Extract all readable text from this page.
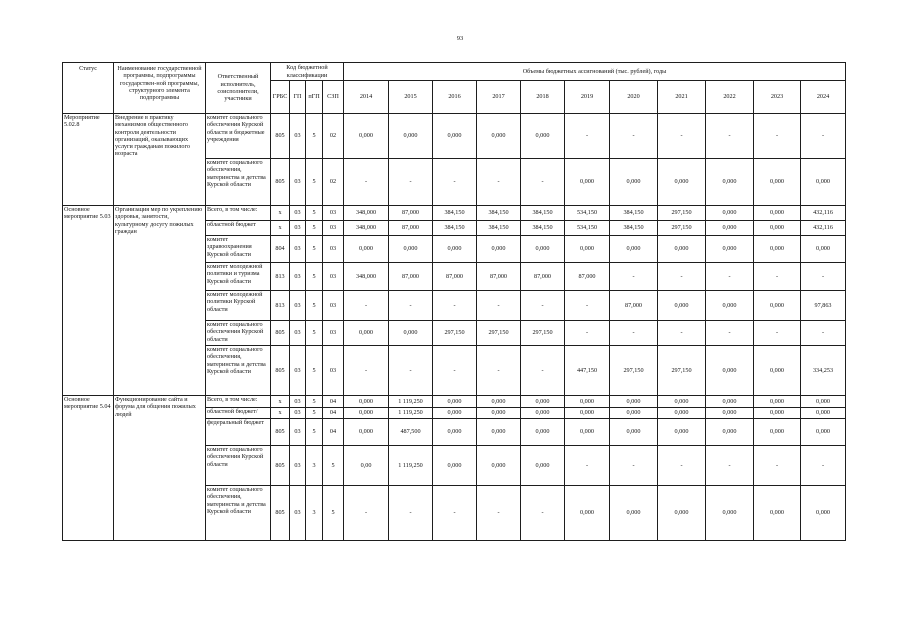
93
Статус	Наименование государственной программы, подпрограммы государствен-ной программы, структурного элемента подпрограммы	Ответственный исполнитель, соисполнители, участники	Код бюджетной классификации				Объемы бюджетных ассигнований (тыс. рублей), годы										
			ГРБС	ГП	пГП	СЗП	2014	2015	2016	2017	2018	2019	2020	2021	2022	2023	2024
Мероприятие 5.02.8	Внедрение в практику механизмов общественного контроля деятельности организаций, оказывающих услуги гражданам пожилого возраста	комитет социального обеспечения Курской области и бюджетные учреждения	805	03	5	02	0,000	0,000	0,000	0,000	0,000	-	-	-	-	-	-
		комитет социального обеспечения, материнства и детства Курской области	805	03	5	02	-	-	-	-	-	0,000	0,000	0,000	0,000	0,000	0,000
Основное мероприятие 5.03	Организация мер по укреплению здоровья, занятости, культурному досугу пожилых граждан	Всего, в том числе:	х	03	5	03	348,000	87,000	384,150	384,150	384,150	534,150	384,150	297,150	0,000	0,000	432,116
		областной бюджет	х	03	5	03	348,000	87,000	384,150	384,150	384,150	534,150	384,150	297,150	0,000	0,000	432,116
		комитет здравоохранения Курской области	804	03	5	03	0,000	0,000	0,000	0,000	0,000	0,000	0,000	0,000	0,000	0,000	0,000
		комитет молодежной политики и туризма Курской области	813	03	5	03	348,000	87,000	87,000	87,000	87,000	87,000	-	-	-	-	-
		комитет молодежной политики Курской области	813	03	5	03	-	-	-	-	-	-	87,000	0,000	0,000	0,000	97,863
		комитет социального обеспечения Курской области	805	03	5	03	0,000	0,000	297,150	297,150	297,150	-	-	-	-	-	-
		комитет социального обеспечения, материнства и детства Курской области	805	03	5	03	-	-	-	-	-	447,150	297,150	297,150	0,000	0,000	334,253
Основное мероприятие 5.04	Функционирование сайта и форума для общения пожилых людей	Всего, в том числе:	х	03	5	04	0,000	1 119,250	0,000	0,000	0,000	0,000	0,000	0,000	0,000	0,000	0,000
		областной бюджет/	х	03	5	04	0,000	1 119,250	0,000	0,000	0,000	0,000	0,000	0,000	0,000	0,000	0,000
		федеральный бюджет	805	03	5	04	0,000	487,500	0,000	0,000	0,000	0,000	0,000	0,000	0,000	0,000	0,000
		комитет социального обеспечения Курской области	805	03	3	5	0,00	1 119,250	0,000	0,000	0,000	-	-	-	-	-	-
		комитет социального обеспечения, материнства и детства Курской области	805	03	3	5	-	-	-	-	-	0,000	0,000	0,000	0,000	0,000	0,000
